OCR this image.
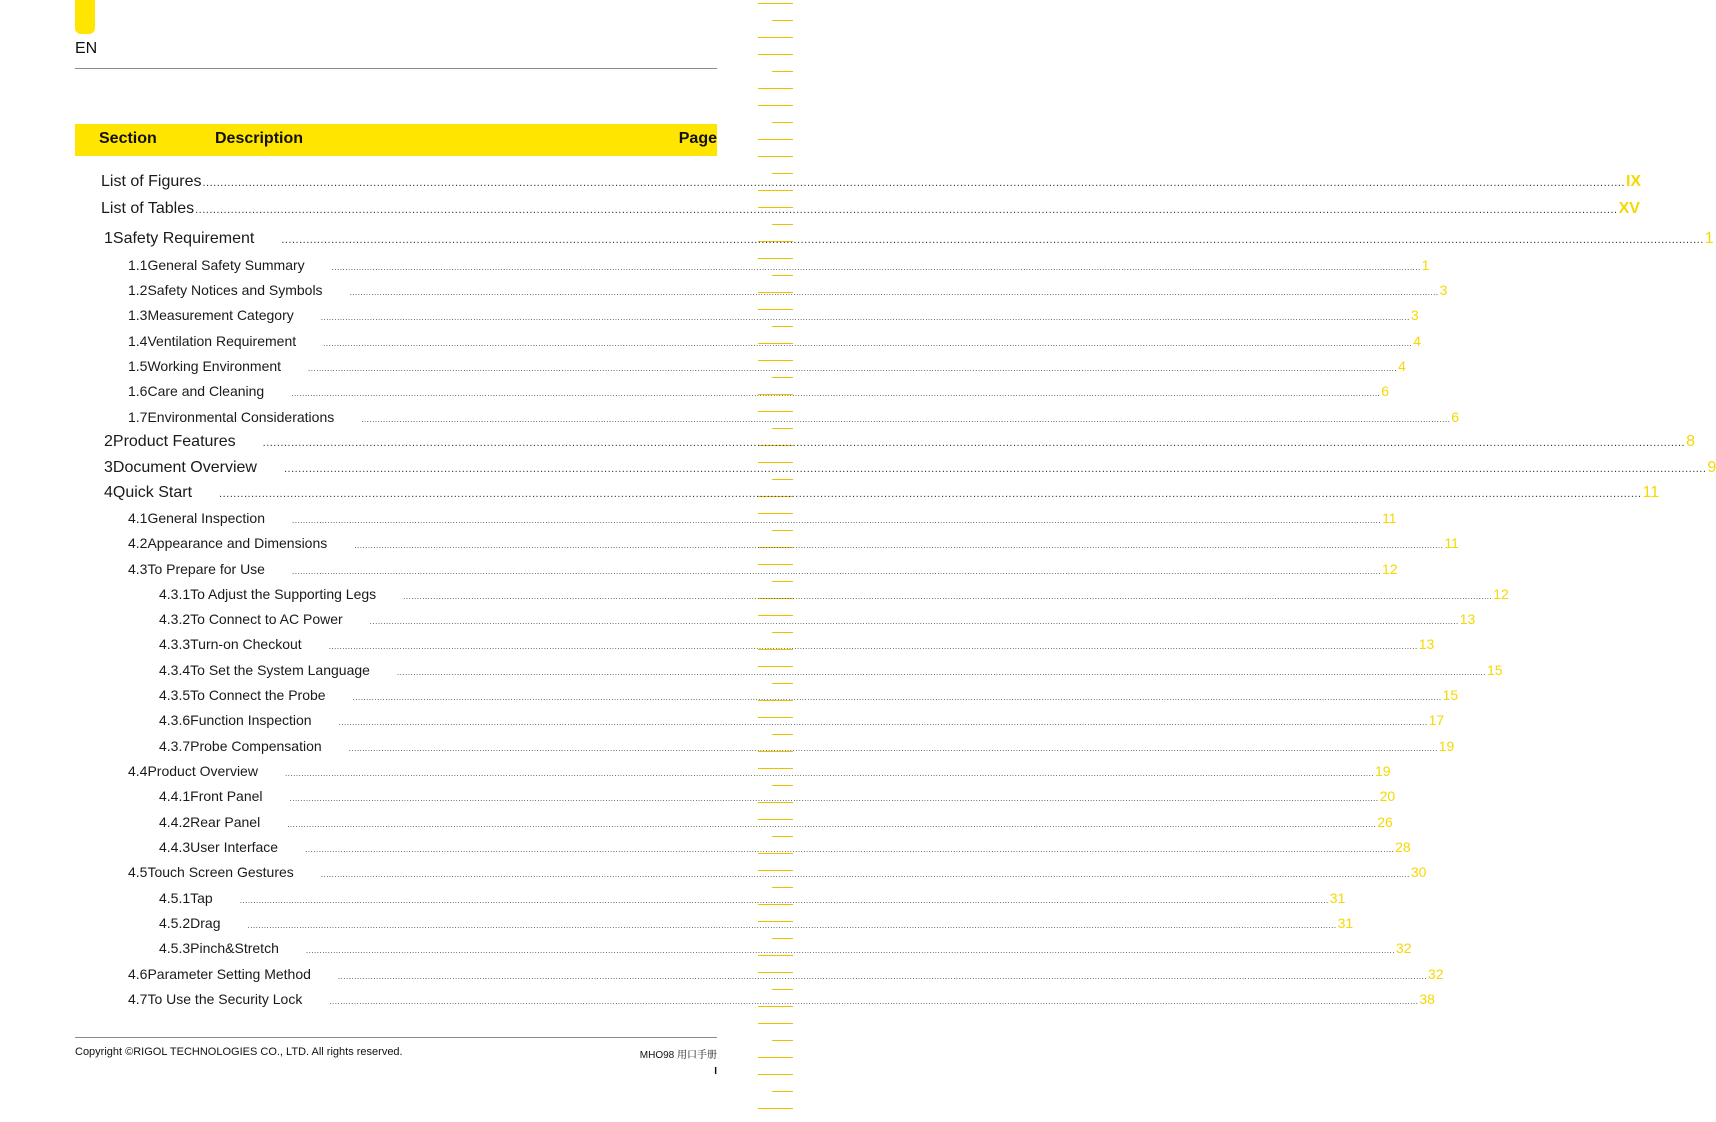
EN
Section	Description	Page
List of Figures ................................................................................................................................................................................................................................................................................................................................................................................................................ IX
List of Tables ................................................................................................................................................................................................................................................................................................................................................................................................................ XV
1 Safety Requirement ................................................................................................................................................................................................................................................................................................................................................................................................................ 1
1.1 General Safety Summary	................................................................................................................................................................................................................................................................................................................................................................................................................ 1
1.2 Safety Notices and Symbols	................................................................................................................................................................................................................................................................................................................................................................................................................ 3
1.3 Measurement Category	................................................................................................................................................................................................................................................................................................................................................................................................................ 3
1.4 Ventilation Requirement	................................................................................................................................................................................................................................................................................................................................................................................................................ 4
1.5 Working Environment	................................................................................................................................................................................................................................................................................................................................................................................................................ 4
1.6 Care and Cleaning	................................................................................................................................................................................................................................................................................................................................................................................................................ 6
1.7 Environmental Considerations	................................................................................................................................................................................................................................................................................................................................................................................................................ 6
2 Product Features ................................................................................................................................................................................................................................................................................................................................................................................................................ 8
3 Document Overview ................................................................................................................................................................................................................................................................................................................................................................................................................ 9
4 Quick Start ................................................................................................................................................................................................................................................................................................................................................................................................................ 11
4.1 General Inspection	................................................................................................................................................................................................................................................................................................................................................................................................................ 11
4.2 Appearance and Dimensions	................................................................................................................................................................................................................................................................................................................................................................................................................ 11
4.3 To Prepare for Use	................................................................................................................................................................................................................................................................................................................................................................................................................ 12
4.3.1 To Adjust the Supporting Legs	................................................................................................................................................................................................................................................................................................................................................................................................................ 12
4.3.2 To Connect to AC Power	................................................................................................................................................................................................................................................................................................................................................................................................................ 13
4.3.3 Turn-on Checkout	................................................................................................................................................................................................................................................................................................................................................................................................................ 13
4.3.4 To Set the System Language	................................................................................................................................................................................................................................................................................................................................................................................................................ 15
4.3.5 To Connect the Probe	................................................................................................................................................................................................................................................................................................................................................................................................................ 15
4.3.6 Function Inspection	................................................................................................................................................................................................................................................................................................................................................................................................................ 17
4.3.7 Probe Compensation	................................................................................................................................................................................................................................................................................................................................................................................................................ 19
4.4 Product Overview	................................................................................................................................................................................................................................................................................................................................................................................................................ 19
4.4.1 Front Panel	................................................................................................................................................................................................................................................................................................................................................................................................................ 20
4.4.2 Rear Panel	................................................................................................................................................................................................................................................................................................................................................................................................................ 26
4.4.3 User Interface	................................................................................................................................................................................................................................................................................................................................................................................................................ 28
4.5 Touch Screen Gestures	................................................................................................................................................................................................................................................................................................................................................................................................................ 30
4.5.1 Tap	................................................................................................................................................................................................................................................................................................................................................................................................................ 31
4.5.2 Drag	................................................................................................................................................................................................................................................................................................................................................................................................................ 31
4.5.3 Pinch&Stretch	................................................................................................................................................................................................................................................................................................................................................................................................................ 32
4.6 Parameter Setting Method	................................................................................................................................................................................................................................................................................................................................................................................................................ 32
4.7 To Use the Security Lock	................................................................................................................................................................................................................................................................................................................................................................................................................ 38
Copyright ©RIGOL TECHNOLOGIES CO., LTD. All rights reserved.	MHO98 用口手册
I
